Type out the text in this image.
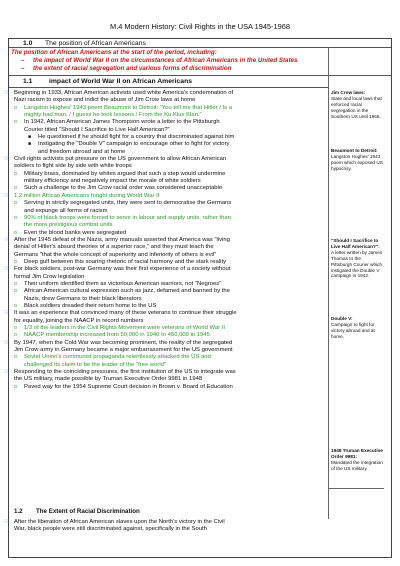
M.4 Modern History: Civil Rights in the USA 1945-1968
1.0 The position of African Americans
The position of African Americans at the start of the period, including:
– the impact of World War II on the circumstances of African Americans in the United States
– the extent of racial segregation and various forms of discrimination
1.1 impact of World War II on African Americans
☞ Beginning in 1933, African American activists used white America's condemnation of
Nazi racism to expose and indict the abuse of Jim Crow laws at home
o Langston Hughes' 1943 poem Beaumont to Detroit: "You tell me that Hitler / Is a
mighty bad man. / I guess he took lessons / From the Ku Klux Klan."
o In 1942, African American James Thompson wrote a letter to the Pittsburgh
Courier titled "Should I Sacrifice to Live Half American?"
■ He questioned if he should fight for a country that discriminated against him
■ Instigating the "Double V" campaign to encourage other to fight for victory
and freedom abroad and at home
☞ Civil rights activists put pressure on the US government to allow African American
soldiers to fight side by side with white troops
o Military brass, dominated by whites argued that such a step would undermine
military efficiency and negatively impact the morale of white soldiers
o Such a challenge to the Jim Crow racial order was considered unacceptable
☞ 1.2 million African Americans fought during World War II
o Serving in strictly segregated units, they were sent to democratise the Germans
and expunge all forms of racism
o 90% of black troops were forced to serve in labour and supply units, rather than
the more prestigious combat units
o Even the blood banks were segregated
☞ After the 1945 defeat of the Nazis, army manuals asserted that America was "living
denial of Hitler's absurd theories of a superior race," and they must teach the
Germans "that the whole concept of superiority and inferiority of others is evil"
o Deep gulf between this soaring rhetoric of racial harmony and the stark reality
☞ For black soldiers, post-war Germany was their first experience of a society without
formal Jim Crow legislation
o Their uniform identified them as victorious American warriors, not "Negroes"
o African American cultural expression such as jazz, defamed and banned by the
Nazis, drew Germans to their black liberators
o Black soldiers dreaded their return home to the US
☞ It was an experience that convinced many of these veterans to continue their struggle
for equality, joining the NAACP in record numbers
o 1/3 of the leaders in the Civil Rights Movement were veterans of World War II
o NAACP membership increased from 50,000 in 1940 to 450,000 in 1945
☞ By 1947, when the Cold War was becoming prominent, the reality of the segregated
Jim Crow army in Germany became a major embarrassment for the US government
o Soviet Union's communist propaganda relentlessly attacked the US and
challenged its claim to be the leader of the "free world"
☞ Responding to the coinciding pressures, the first institution of the US to integrate was
the US military, made possible by Truman Executive Order 9981 in 1948
o Paved way for the 1954 Supreme Court decision in Brown v. Board of Education
Jim Crow laws:
State and local laws that enforced racial segregation in the Southern US until 1965.
Beaumont to Detroit:
Langston Hughes' 1943 poem which exposed US hypocrisy.
"Should I Sacrifice to Live Half American?":
A letter written by James Thomas to the Pittsburgh Courier which instigated the Double V campaign in 1942.
Double V:
Campaign to fight for victory abroad and at home.
1948 Truman Executive Order 9981:
Mandated the integration of the US military.
1.2 The Extent of Racial Discrimination
☞ After the liberation of African American slaves upon the North's victory in the Civil
War, black people were still discriminated against, specifically in the South
